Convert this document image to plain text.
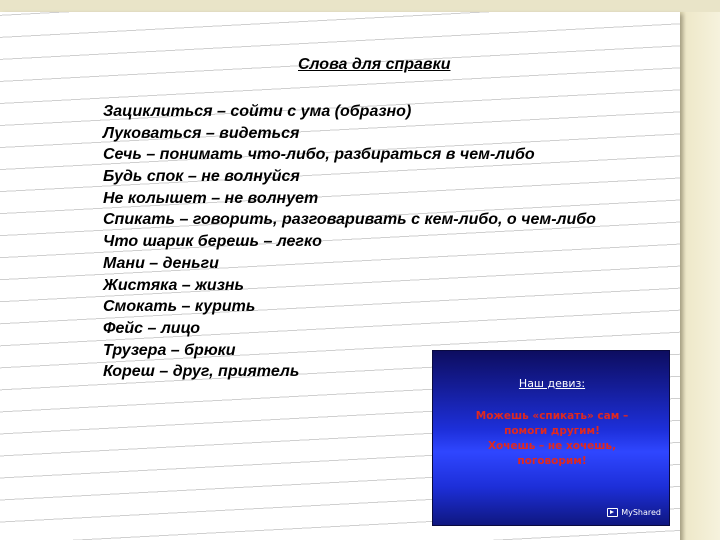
Слова для справки
Зациклиться – сойти с ума (образно)
Луковаться – видеться
Сечь – понимать что-либо, разбираться в чем-либо
Будь спок – не волнуйся
Не колышет – не волнует
Спикать – говорить, разговаривать с кем-либо, о чем-либо
Что шарик берешь – легко
Мани – деньги
Жистяка – жизнь
Смокать – курить
Фейс – лицо
Трузера – брюки
Кореш – друг, приятель
Наш девиз:
Можешь «спикать» сам –
помоги другим!
Хочешь – не хочешь,
поговорим!
MyShared
